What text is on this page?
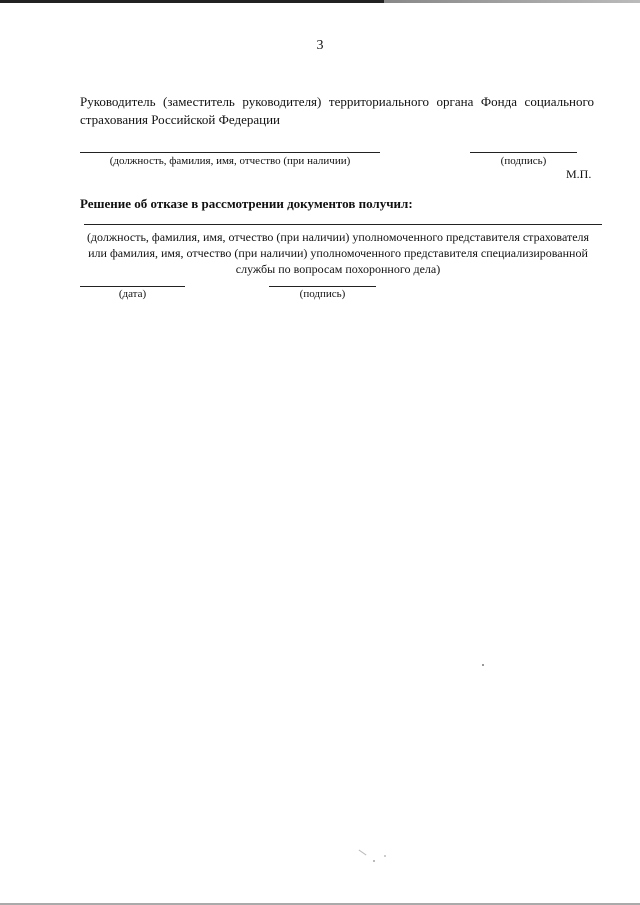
3
Руководитель (заместитель руководителя) территориального органа Фонда социального страхования Российской Федерации
(должность, фамилия, имя, отчество (при наличии)	(подпись)
М.П.
Решение об отказе в рассмотрении документов получил:
(должность, фамилия, имя, отчество (при наличии) уполномоченного представителя страхователя или фамилия, имя, отчество (при наличии) уполномоченного представителя специализированной службы по вопросам похоронного дела)
(дата)	(подпись)
